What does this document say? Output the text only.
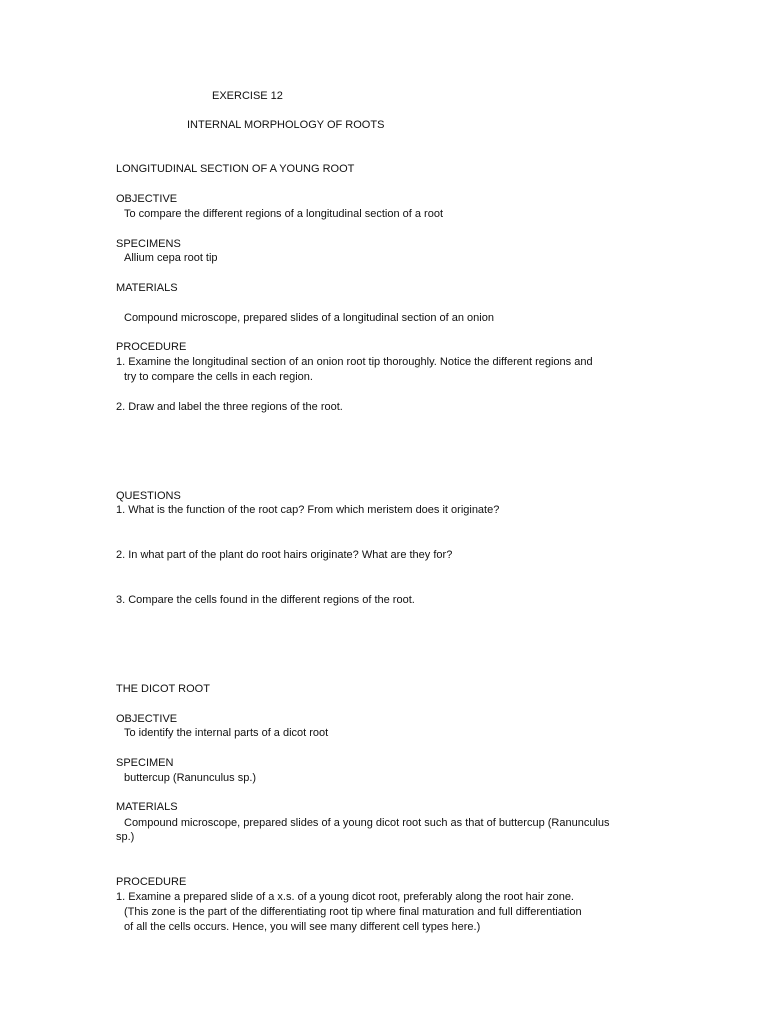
EXERCISE 12
INTERNAL MORPHOLOGY OF ROOTS
LONGITUDINAL SECTION OF A YOUNG ROOT
OBJECTIVE
To compare the different regions of a longitudinal section of a root
SPECIMENS
Allium cepa root tip
MATERIALS
Compound microscope, prepared slides of a longitudinal section of an onion
PROCEDURE
1. Examine the longitudinal section of an onion root tip thoroughly. Notice the different regions and
try to compare the cells in each region.
2. Draw and label the three regions of the root.
QUESTIONS
1. What is the function of the root cap? From which meristem does it originate?
2. In what part of the plant do root hairs originate? What are they for?
3. Compare the cells found in the different regions of the root.
THE DICOT ROOT
OBJECTIVE
To identify the internal parts of a dicot root
SPECIMEN
buttercup (Ranunculus sp.)
MATERIALS
Compound microscope, prepared slides of a young dicot root such as that of buttercup (Ranunculus
sp.)
PROCEDURE
1. Examine a prepared slide of a x.s. of a young dicot root, preferably along the root hair zone.
(This zone is the part of the differentiating root tip where final maturation and full differentiation
of all the cells occurs. Hence, you will see many different cell types here.)
